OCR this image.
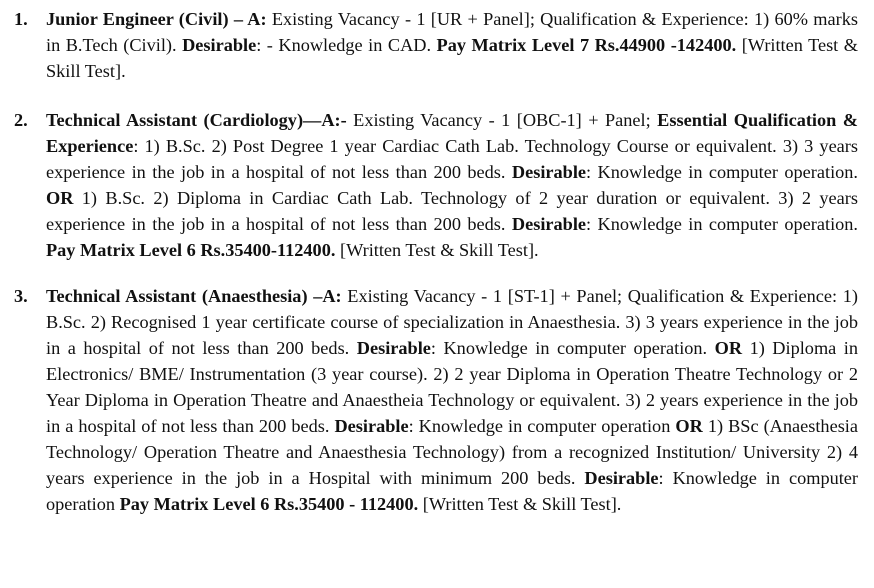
1. Junior Engineer (Civil) – A: Existing Vacancy - 1 [UR + Panel]; Qualification & Experience: 1) 60% marks in B.Tech (Civil). Desirable: - Knowledge in CAD. Pay Matrix Level 7 Rs.44900 -142400. [Written Test & Skill Test].
2. Technical Assistant (Cardiology)—A:- Existing Vacancy - 1 [OBC-1] + Panel; Essential Qualification & Experience: 1) B.Sc. 2) Post Degree 1 year Cardiac Cath Lab. Technology Course or equivalent. 3) 3 years experience in the job in a hospital of not less than 200 beds. Desirable: Knowledge in computer operation. OR 1) B.Sc. 2) Diploma in Cardiac Cath Lab. Technology of 2 year duration or equivalent. 3) 2 years experience in the job in a hospital of not less than 200 beds. Desirable: Knowledge in computer operation. Pay Matrix Level 6 Rs.35400-112400. [Written Test & Skill Test].
3. Technical Assistant (Anaesthesia) –A: Existing Vacancy - 1 [ST-1] + Panel; Qualification & Experience: 1) B.Sc. 2) Recognised 1 year certificate course of specialization in Anaesthesia. 3) 3 years experience in the job in a hospital of not less than 200 beds. Desirable: Knowledge in computer operation. OR 1) Diploma in Electronics/ BME/ Instrumentation (3 year course). 2) 2 year Diploma in Operation Theatre Technology or 2 Year Diploma in Operation Theatre and Anaestheia Technology or equivalent. 3) 2 years experience in the job in a hospital of not less than 200 beds. Desirable: Knowledge in computer operation OR 1) BSc (Anaesthesia Technology/ Operation Theatre and Anaesthesia Technology) from a recognized Institution/ University 2) 4 years experience in the job in a Hospital with minimum 200 beds. Desirable: Knowledge in computer operation Pay Matrix Level 6 Rs.35400 - 112400. [Written Test & Skill Test].
